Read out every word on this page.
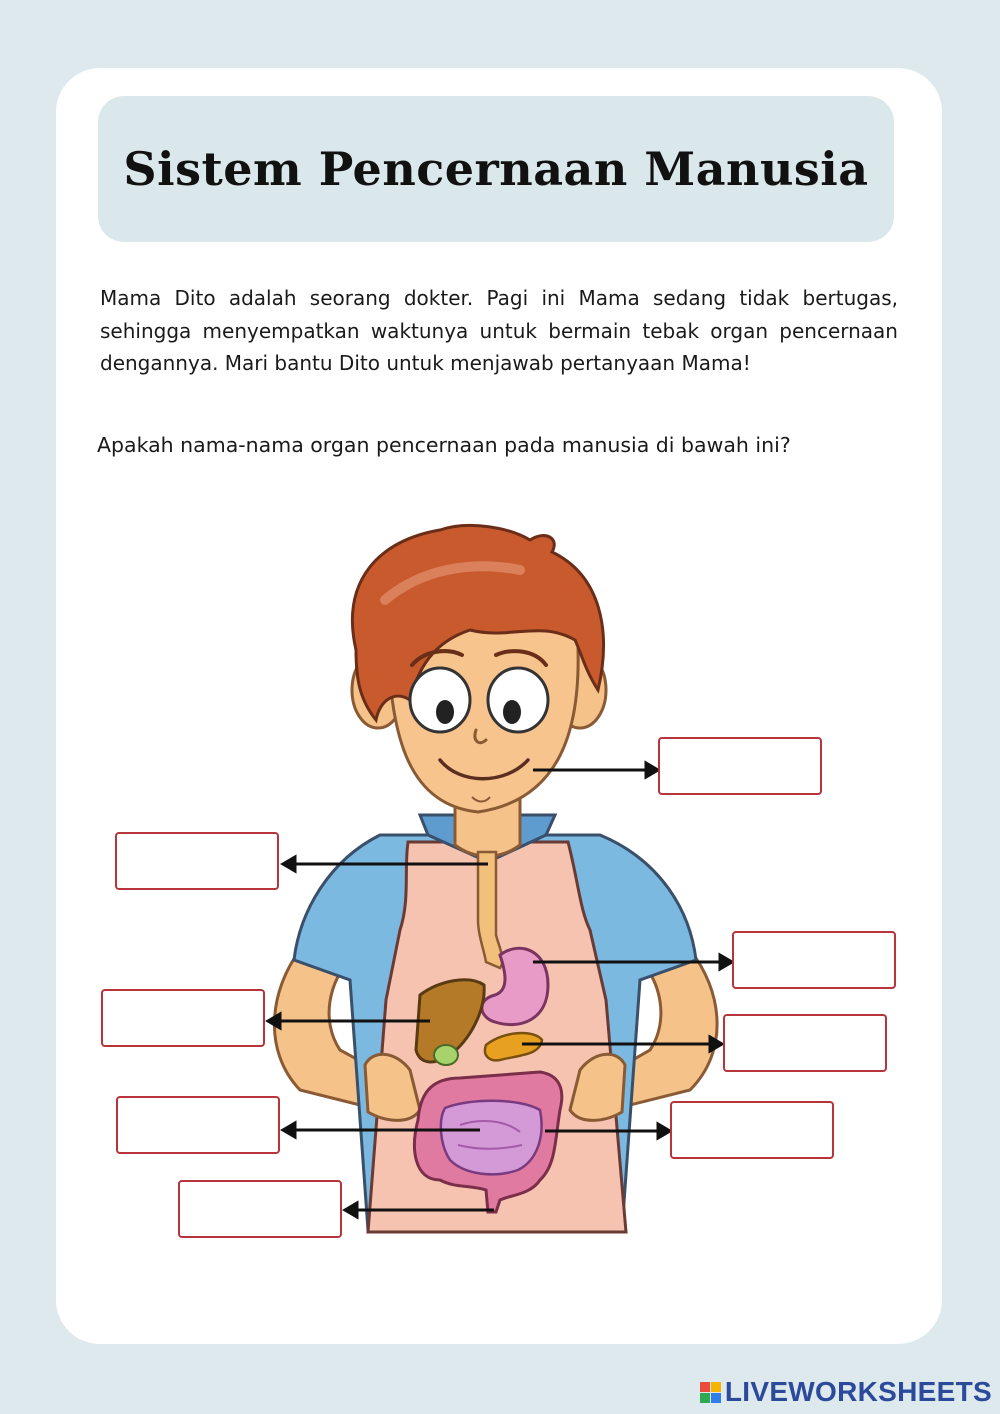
Sistem Pencernaan Manusia

Mama Dito adalah seorang dokter. Pagi ini Mama sedang tidak bertugas, sehingga menyempatkan waktunya untuk bermain tebak organ pencernaan dengannya. Mari bantu Dito untuk menjawab pertanyaan Mama!

Apakah nama-nama organ pencernaan pada manusia di bawah ini?

LIVEWORKSHEETS
